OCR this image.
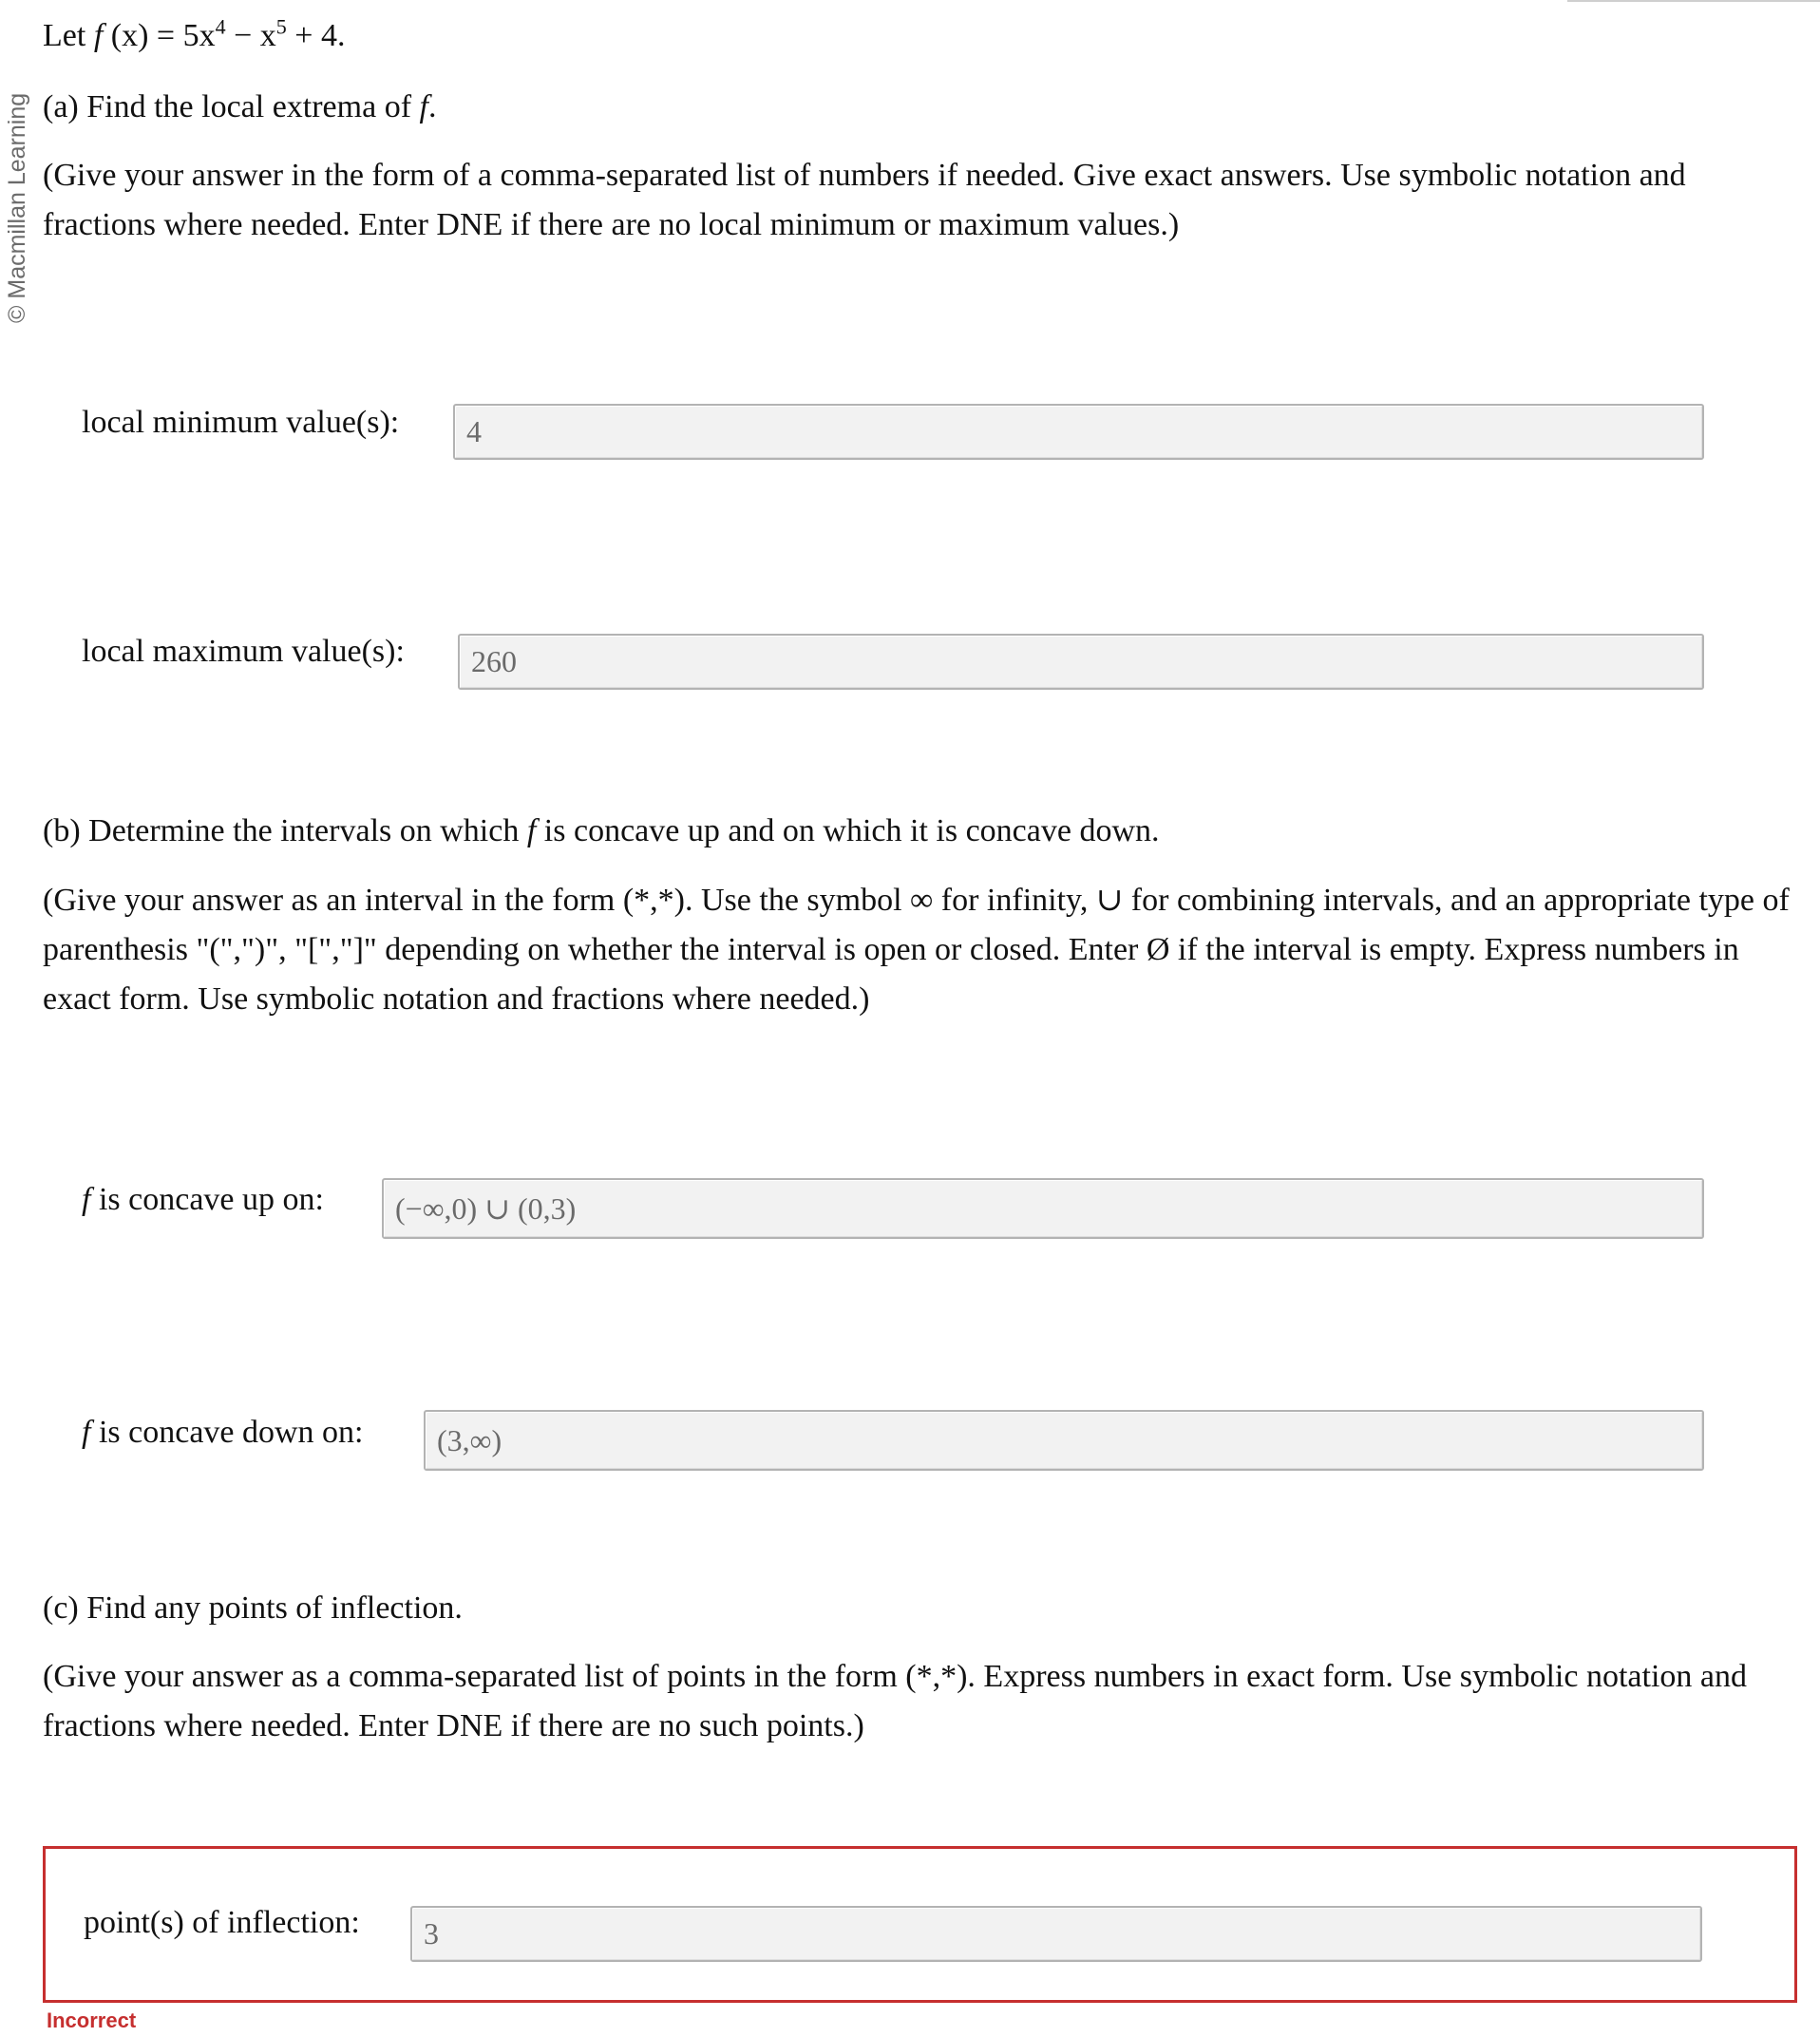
© Macmillan Learning
Let f $(x) = 5x^4 - x^5 + 4$.
(a) Find the local extrema of f.
(Give your answer in the form of a comma-separated list of numbers if needed. Give exact answers. Use symbolic notation and fractions where needed. Enter DNE if there are no local minimum or maximum values.)
local minimum value(s):	4
local maximum value(s):	260
(b) Determine the intervals on which f is concave up and on which it is concave down.
(Give your answer as an interval in the form (*,*). Use the symbol ∞ for infinity, ∪ for combining intervals, and an appropriate type of parenthesis "(",")", "[","]" depending on whether the interval is open or closed. Enter Ø if the interval is empty. Express numbers in exact form. Use symbolic notation and fractions where needed.)
f is concave up on:	(−∞,0) ∪ (0,3)
f is concave down on:	(3,∞)
(c) Find any points of inflection.
(Give your answer as a comma-separated list of points in the form (*,*). Express numbers in exact form. Use symbolic notation and fractions where needed. Enter DNE if there are no such points.)
point(s) of inflection:	3
Incorrect
